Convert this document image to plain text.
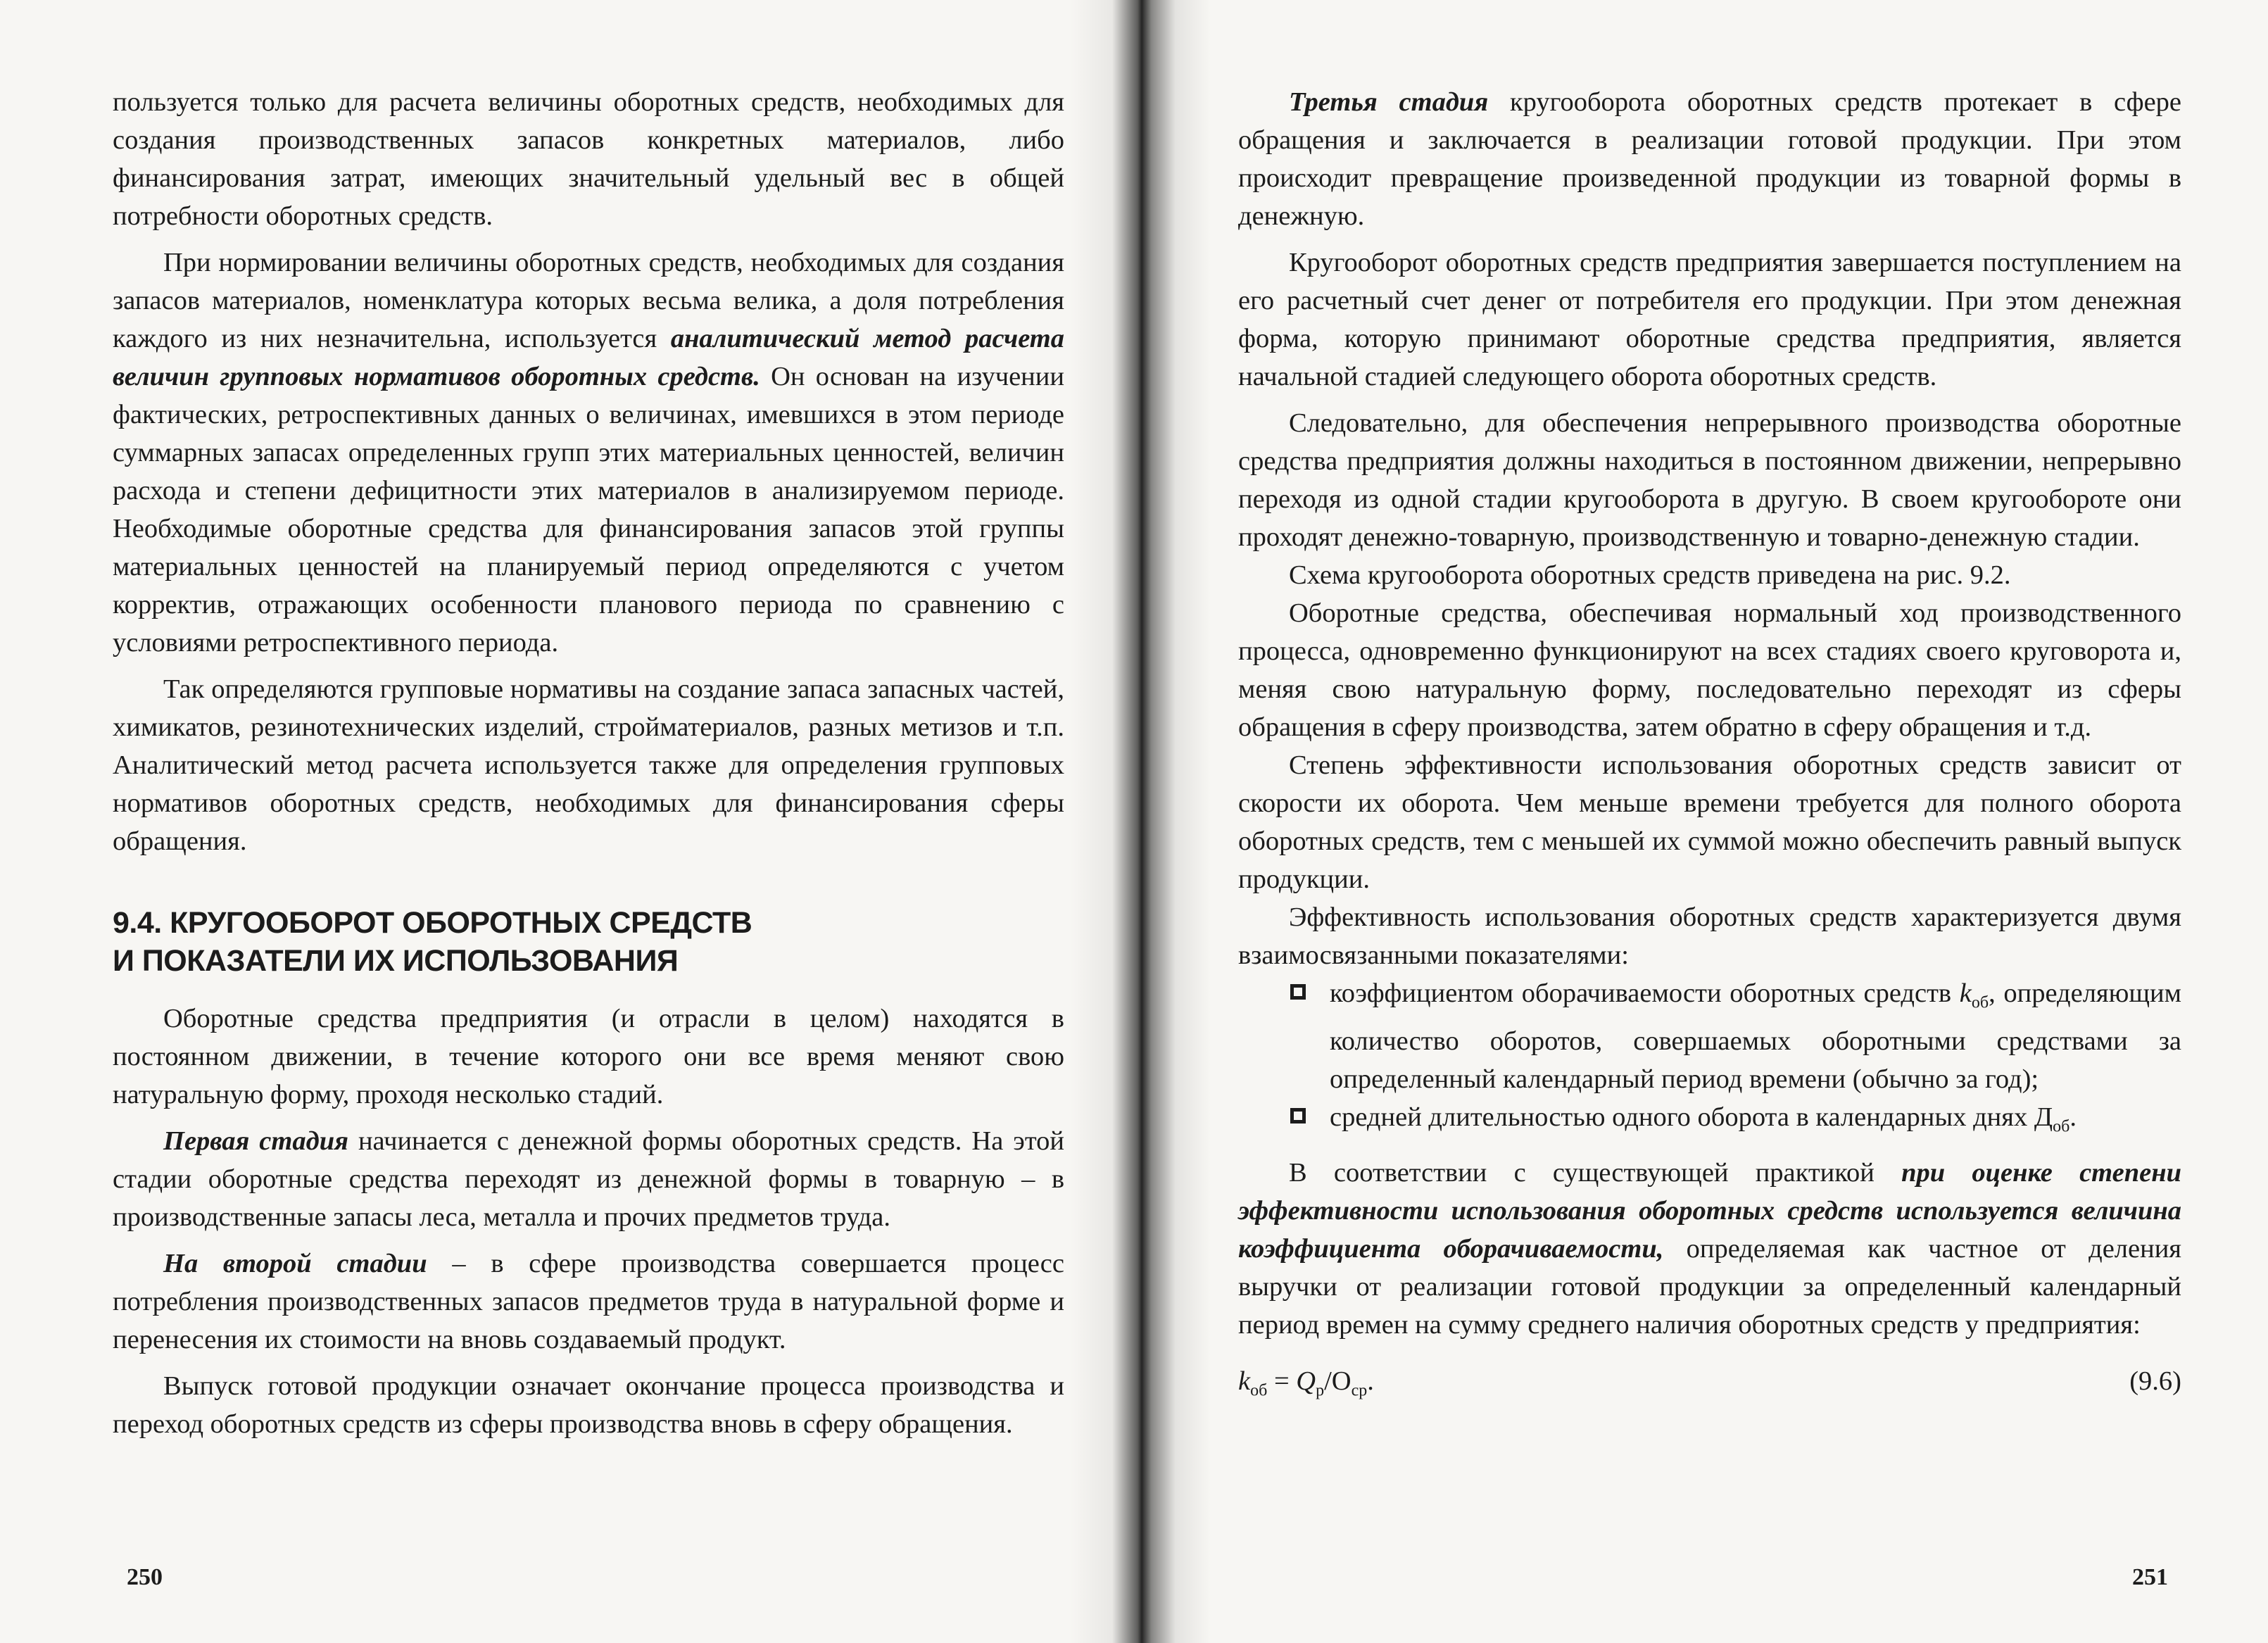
пользуется только для расчета величины оборотных средств, необходимых для создания производственных запасов конкретных материалов, либо финансирования затрат, имеющих значительный удельный вес в общей потребности оборотных средств.

При нормировании величины оборотных средств, необходимых для создания запасов материалов, номенклатура которых весьма велика, а доля потребления каждого из них незначительна, используется аналитический метод расчета величин групповых нормативов оборотных средств. Он основан на изучении фактических, ретроспективных данных о величинах, имевшихся в этом периоде суммарных запасах определенных групп этих материальных ценностей, величин расхода и степени дефицитности этих материалов в анализируемом периоде. Необходимые оборотные средства для финансирования запасов этой группы материальных ценностей на планируемый период определяются с учетом корректив, отражающих особенности планового периода по сравнению с условиями ретроспективного периода.

Так определяются групповые нормативы на создание запаса запасных частей, химикатов, резинотехнических изделий, стройматериалов, разных метизов и т.п. Аналитический метод расчета используется также для определения групповых нормативов оборотных средств, необходимых для финансирования сферы обращения.

9.4. КРУГООБОРОТ ОБОРОТНЫХ СРЕДСТВ
И ПОКАЗАТЕЛИ ИХ ИСПОЛЬЗОВАНИЯ

Оборотные средства предприятия (и отрасли в целом) находятся в постоянном движении, в течение которого они все время меняют свою натуральную форму, проходя несколько стадий.

Первая стадия начинается с денежной формы оборотных средств. На этой стадии оборотные средства переходят из денежной формы в товарную – в производственные запасы леса, металла и прочих предметов труда.

На второй стадии – в сфере производства совершается процесс потребления производственных запасов предметов труда в натуральной форме и перенесения их стоимости на вновь создаваемый продукт.

Выпуск готовой продукции означает окончание процесса производства и переход оборотных средств из сферы производства вновь в сферу обращения.

250

Третья стадия кругооборота оборотных средств протекает в сфере обращения и заключается в реализации готовой продукции. При этом происходит превращение произведенной продукции из товарной формы в денежную.

Кругооборот оборотных средств предприятия завершается поступлением на его расчетный счет денег от потребителя его продукции. При этом денежная форма, которую принимают оборотные средства предприятия, является начальной стадией следующего оборота оборотных средств.

Следовательно, для обеспечения непрерывного производства оборотные средства предприятия должны находиться в постоянном движении, непрерывно переходя из одной стадии кругооборота в другую. В своем кругообороте они проходят денежно-товарную, производственную и товарно-денежную стадии.

Схема кругооборота оборотных средств приведена на рис. 9.2.

Оборотные средства, обеспечивая нормальный ход производственного процесса, одновременно функционируют на всех стадиях своего круговорота и, меняя свою натуральную форму, последовательно переходят из сферы обращения в сферу производства, затем обратно в сферу обращения и т.д.

Степень эффективности использования оборотных средств зависит от скорости их оборота. Чем меньше времени требуется для полного оборота оборотных средств, тем с меньшей их суммой можно обеспечить равный выпуск продукции.

Эффективность использования оборотных средств характеризуется двумя взаимосвязанными показателями:

коэффициентом оборачиваемости оборотных средств $k_{об}$, определяющим количество оборотов, совершаемых оборотными средствами за определенный календарный период времени (обычно за год);
средней длительностью одного оборота в календарных днях $Д_{об}$.

В соответствии с существующей практикой при оценке степени эффективности использования оборотных средств используется величина коэффициента оборачиваемости, определяемая как частное от деления выручки от реализации готовой продукции за определенный календарный период времен на сумму среднего наличия оборотных средств у предприятия:

$k_{об} = Q_р/О_{ср}$.	(9.6)
251
